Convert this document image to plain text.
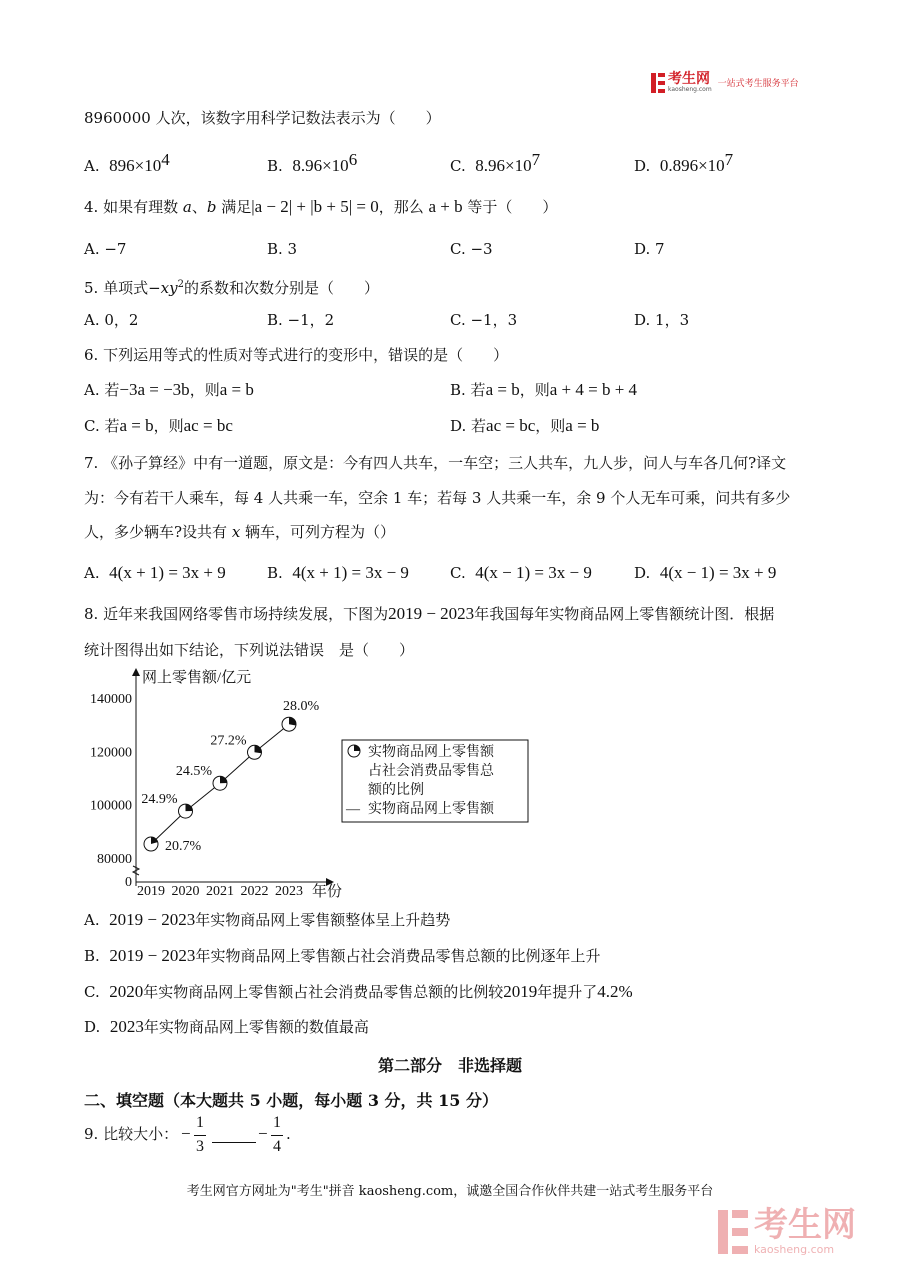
考生网
kaosheng.com
一站式考生服务平台
8960000 人次，该数字用科学记数法表示为（　　）
A. $896\times 10^4$	B. $8.96\times 10^6$	C. $8.96\times 10^7$	D. $0.896\times 10^7$
4. 如果有理数 a、b 满足|a − 2| + |b + 5| = 0，那么 a + b 等于（　　）
A. −7	B. 3	C. −3	D. 7
5. 单项式$-xy^2$的系数和次数分别是（　　）
A. 0，2	B. −1，2	C. −1，3	D. 1，3
6. 下列运用等式的性质对等式进行的变形中，错误的是（　　）
A. 若−3a = −3b，则a = b	B. 若a = b，则a + 4 = b + 4
C. 若a = b，则ac = bc	D. 若ac = bc，则a = b
7. 《孙子算经》中有一道题，原文是：今有四人共车，一车空；三人共车，九人步，问人与车各几何?译文
为：今有若干人乘车，每 4 人共乘一车，空余 1 车；若每 3 人共乘一车，余 9 个人无车可乘，问共有多少
人，多少辆车?设共有 x 辆车，可列方程为（）
A. 4(x + 1) = 3x + 9	B. 4(x + 1) = 3x − 9	C. 4(x − 1) = 3x − 9	D. 4(x − 1) = 3x + 9
8. 近年来我国网络零售市场持续发展，下图为2019 − 2023年我国每年实物商品网上零售额统计图．根据
统计图得出如下结论，下列说法错误　是（　　）
网上零售额/亿元
年份
0
80000
100000
120000
140000
2019 2020 2021 2022 2023
20.7%
24.9%
24.5%
27.2%
28.0%
实物商品网上零售额
占社会消费品零售总
额的比例
— 实物商品网上零售额
A. 2019 − 2023年实物商品网上零售额整体呈上升趋势
B. 2019 − 2023年实物商品网上零售额占社会消费品零售总额的比例逐年上升
C. 2020年实物商品网上零售额占社会消费品零售总额的比例较2019年提升了4.2%
D. 2023年实物商品网上零售额的数值最高
第二部分　非选择题
二、填空题（本大题共 5 小题，每小题 3 分，共 15 分）
9. 比较大小： −
1
3
−
1
4
.
考生网官方网址为"考生"拼音 kaosheng.com，诚邀全国合作伙伴共建一站式考生服务平台
考生网
kaosheng.com
